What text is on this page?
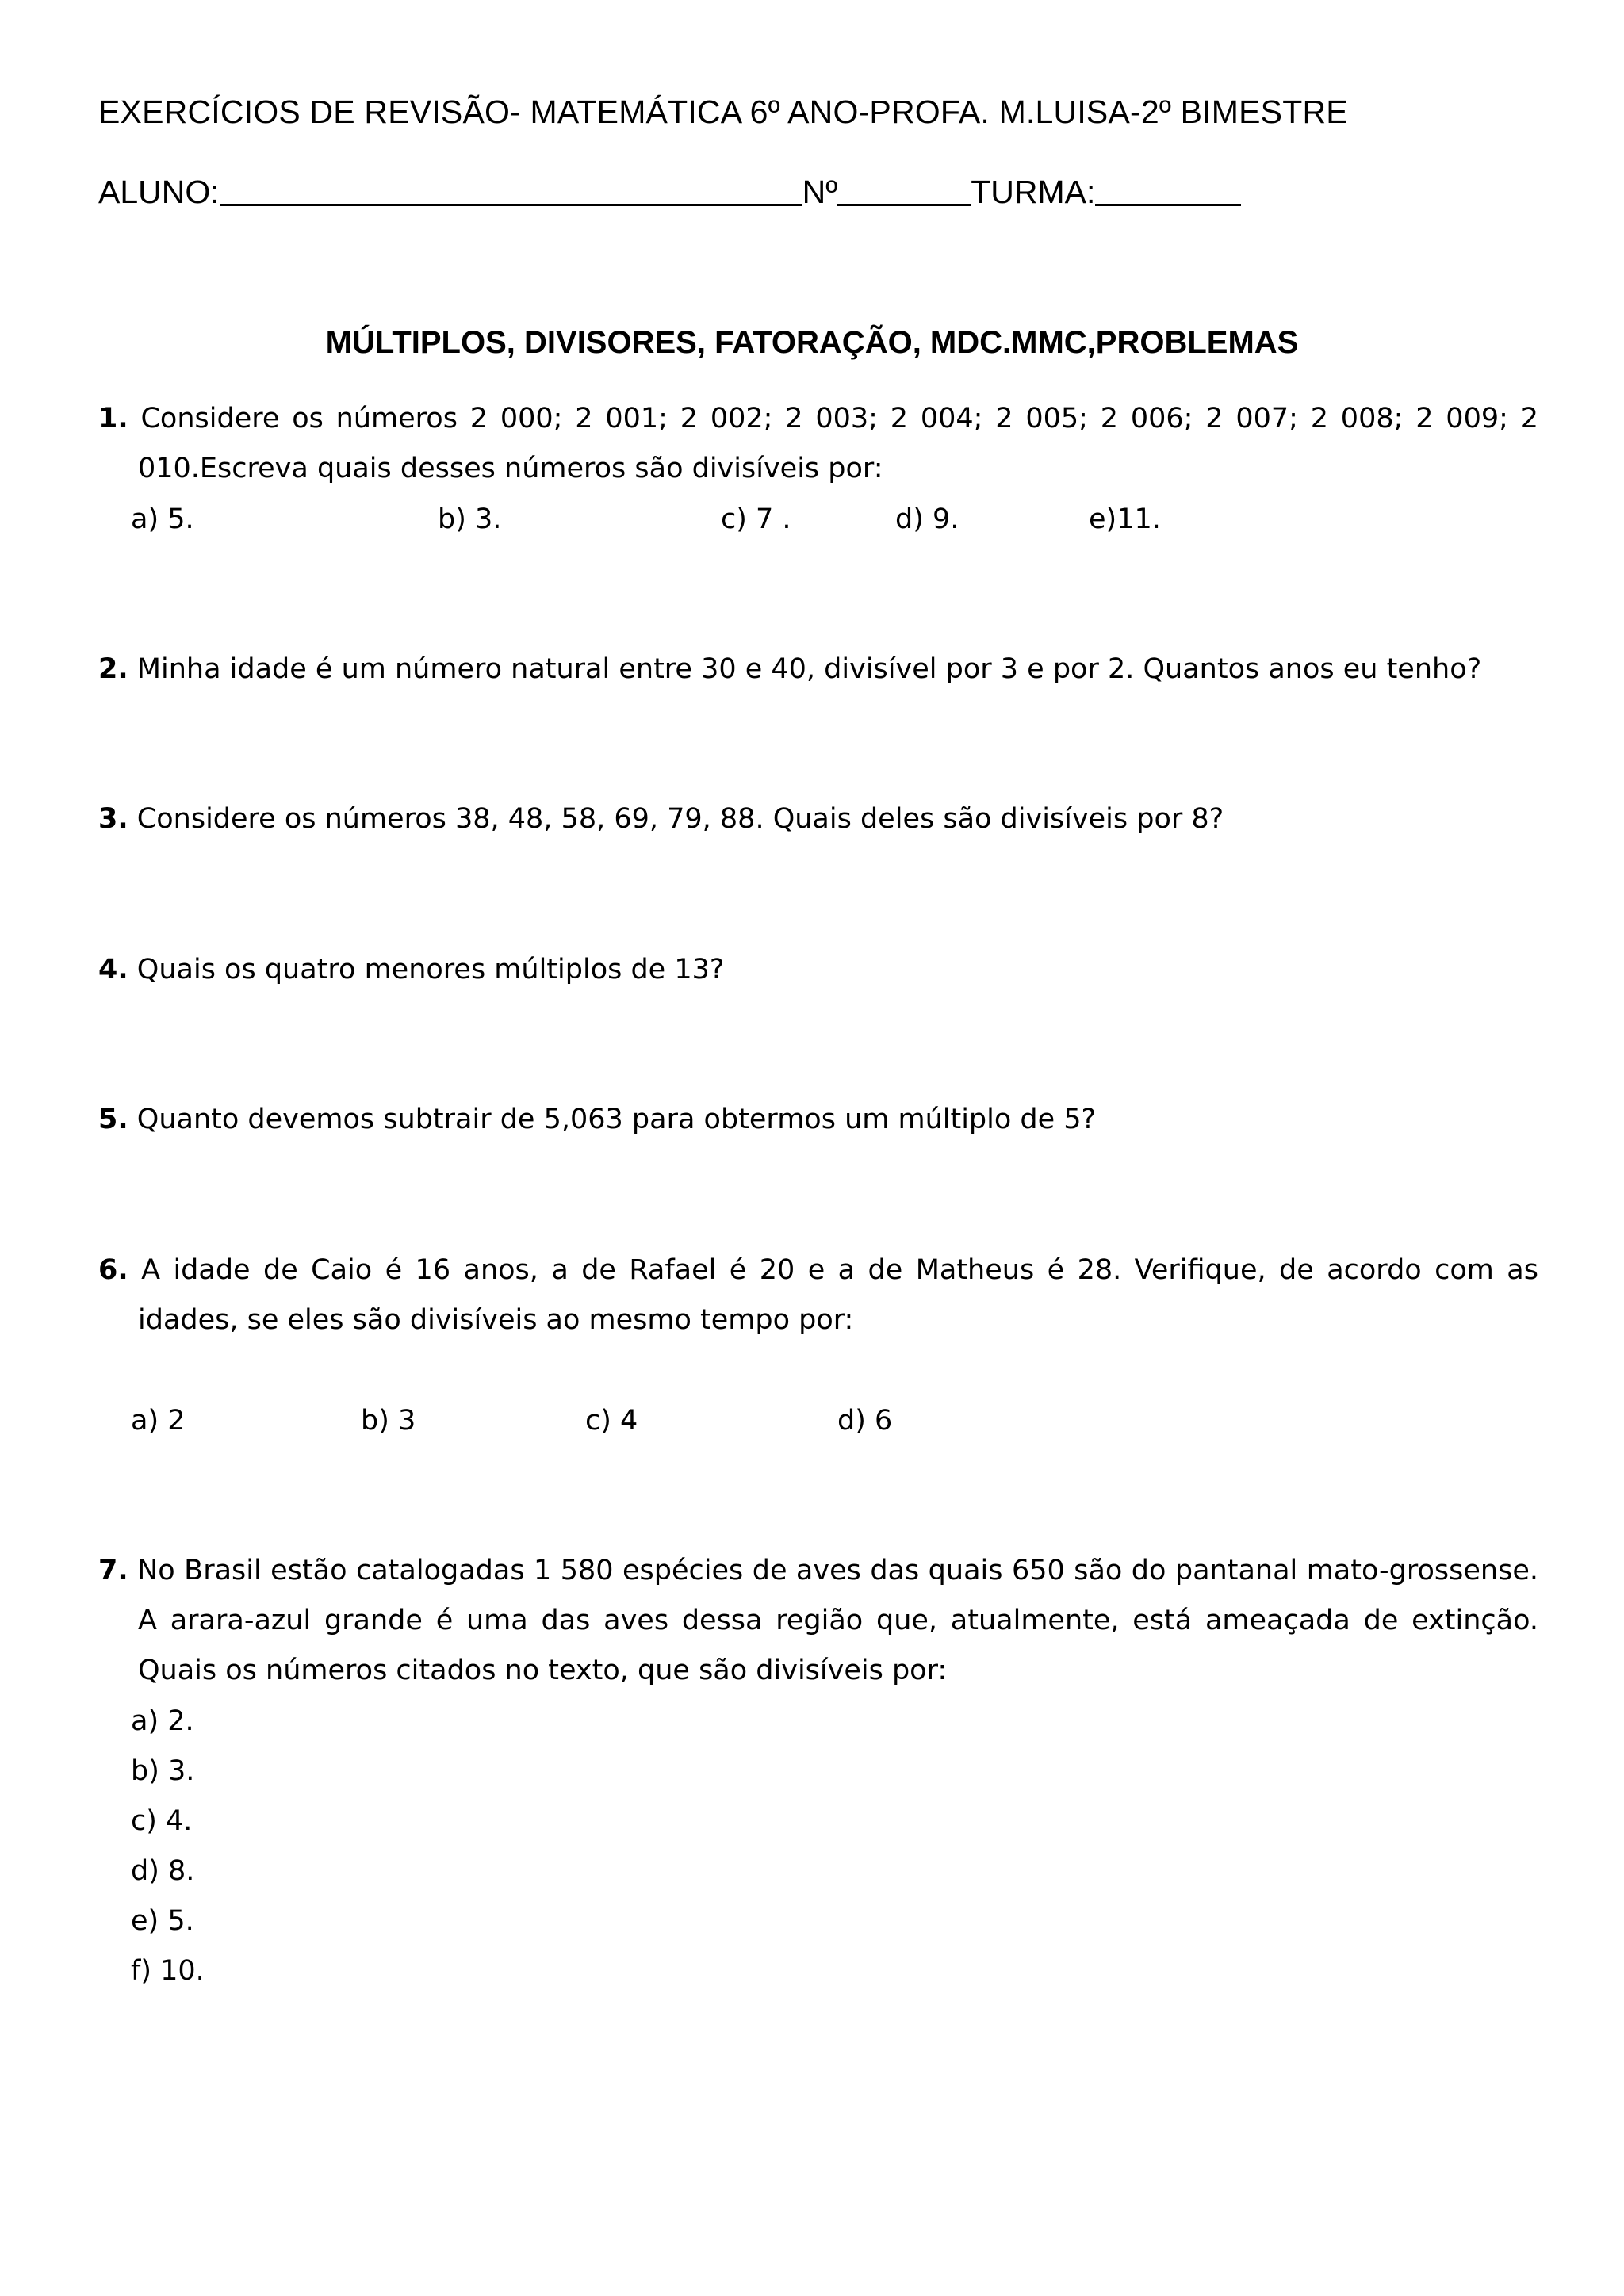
EXERCÍCIOS DE REVISÃO- MATEMÁTICA 6º ANO-PROFA. M.LUISA-2º BIMESTRE
ALUNO:	Nº	TURMA:
MÚLTIPLOS, DIVISORES, FATORAÇÃO, MDC.MMC,PROBLEMAS
1. Considere os números 2 000; 2 001; 2 002; 2 003; 2 004; 2 005; 2 006; 2 007; 2 008; 2 009; 2 010.Escreva quais desses números são divisíveis por:
a) 5.	b) 3.	c) 7 .	d) 9.	e)11.
2. Minha idade é um número natural entre 30 e 40, divisível por 3 e por 2. Quantos anos eu tenho?
3. Considere os números 38, 48, 58, 69, 79, 88. Quais deles são divisíveis por 8?
4. Quais os quatro menores múltiplos de 13?
5. Quanto devemos subtrair de 5,063 para obtermos um múltiplo de 5?
6. A idade de Caio é 16 anos, a de Rafael é 20 e a de Matheus é 28. Verifique, de acordo com as idades, se eles são divisíveis ao mesmo tempo por:
a) 2	b) 3	c) 4	d) 6
7. No Brasil estão catalogadas 1 580 espécies de aves das quais 650 são do pantanal mato-grossense. A arara-azul grande é uma das aves dessa região que, atualmente, está ameaçada de extinção. Quais os números citados no texto, que são divisíveis por:
a) 2.
b) 3.
c) 4.
d) 8.
e) 5.
f) 10.
